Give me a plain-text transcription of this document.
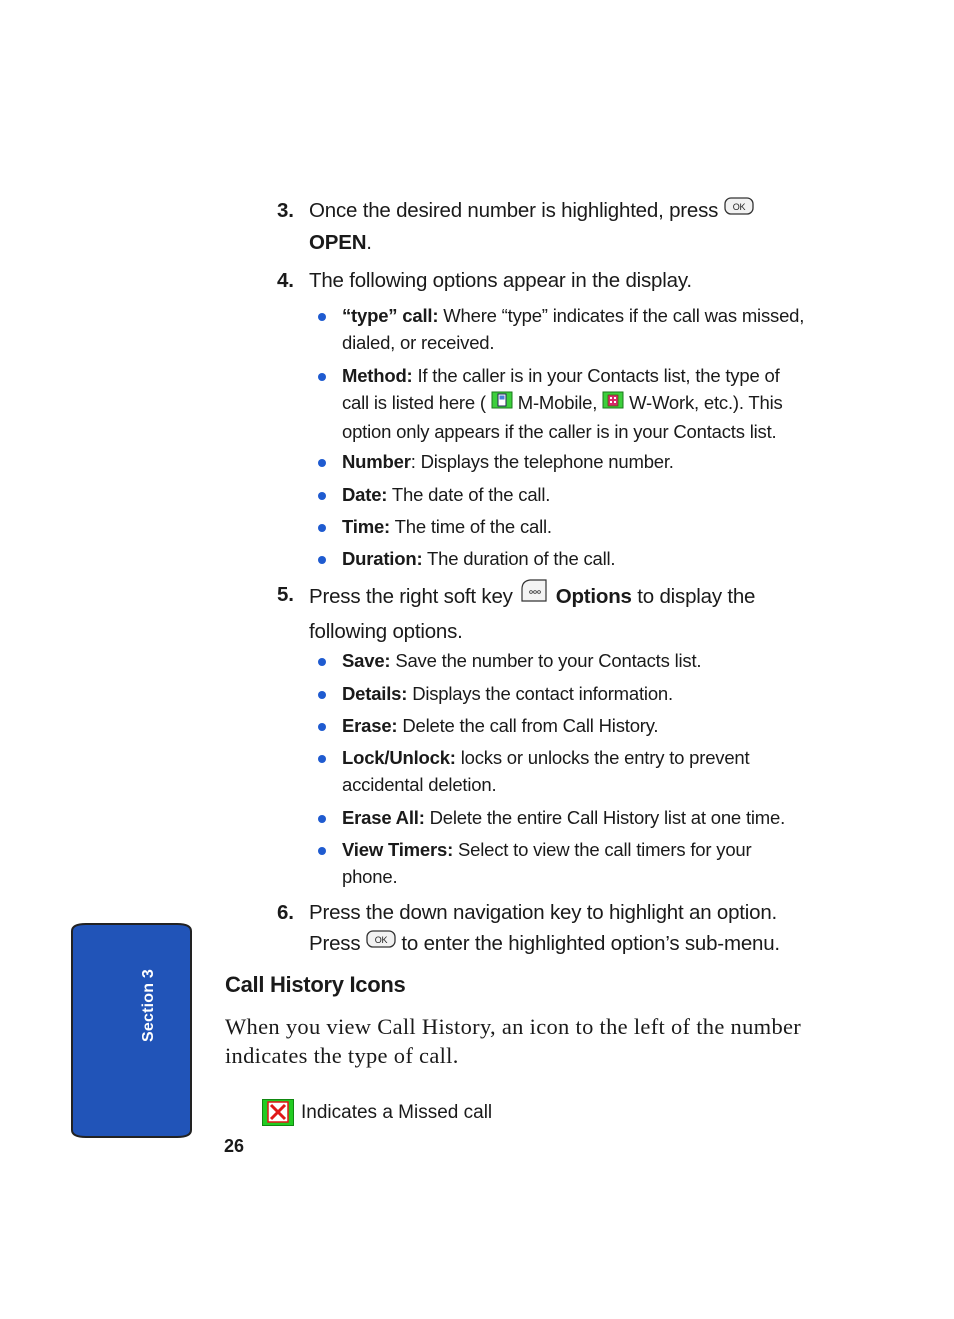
3. Once the desired number is highlighted, press OK

OPEN.
4. The following options appear in the display.
“type” call: Where “type” indicates if the call was missed, dialed, or received.
Method: If the caller is in your Contacts list, the type of call is listed here ( M-Mobile, W-Work, etc.). This option only appears if the caller is in your Contacts list.
Number: Displays the telephone number.
Date: The date of the call.
Time: The time of the call.
Duration: The duration of the call.
5. Press the right soft key Options to display the following options.
Save: Save the number to your Contacts list.
Details: Displays the contact information.
Erase: Delete the call from Call History.
Lock/Unlock: locks or unlocks the entry to prevent accidental deletion.
Erase All: Delete the entire Call History list at one time.
View Timers: Select to view the call timers for your phone.
6. Press the down navigation key to highlight an option.
Press OK to enter the highlighted option’s sub-menu.
Call History Icons
When you view Call History, an icon to the left of the number indicates the type of call.
Indicates a Missed call
Section 3
26
